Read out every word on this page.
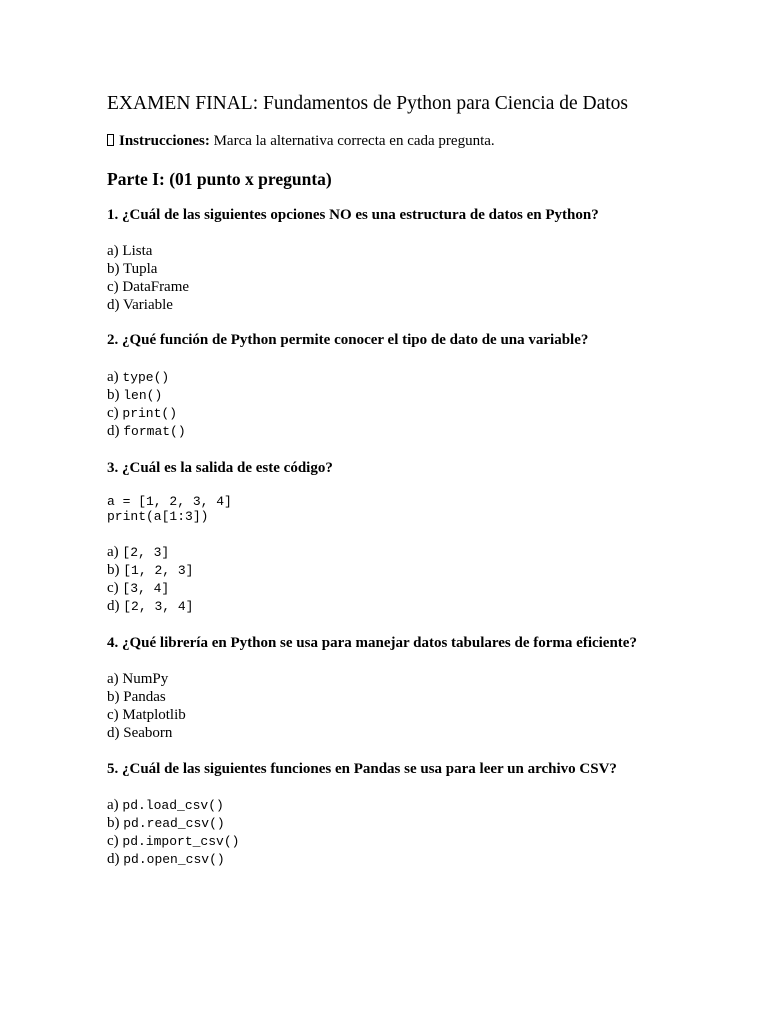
EXAMEN FINAL: Fundamentos de Python para Ciencia de Datos
Instrucciones: Marca la alternativa correcta en cada pregunta.
Parte I: (01 punto x pregunta)

1. ¿Cuál de las siguientes opciones NO es una estructura de datos en Python?

a) Lista
b) Tupla
c) DataFrame
d) Variable

2. ¿Qué función de Python permite conocer el tipo de dato de una variable?

a) type()
b) len()
c) print()
d) format()

3. ¿Cuál es la salida de este código?

a = [1, 2, 3, 4]
print(a[1:3])
a) [2, 3]
b) [1, 2, 3]
c) [3, 4]
d) [2, 3, 4]

4. ¿Qué librería en Python se usa para manejar datos tabulares de forma eficiente?

a) NumPy
b) Pandas
c) Matplotlib
d) Seaborn

5. ¿Cuál de las siguientes funciones en Pandas se usa para leer un archivo CSV?

a) pd.load_csv()
b) pd.read_csv()
c) pd.import_csv()
d) pd.open_csv()
